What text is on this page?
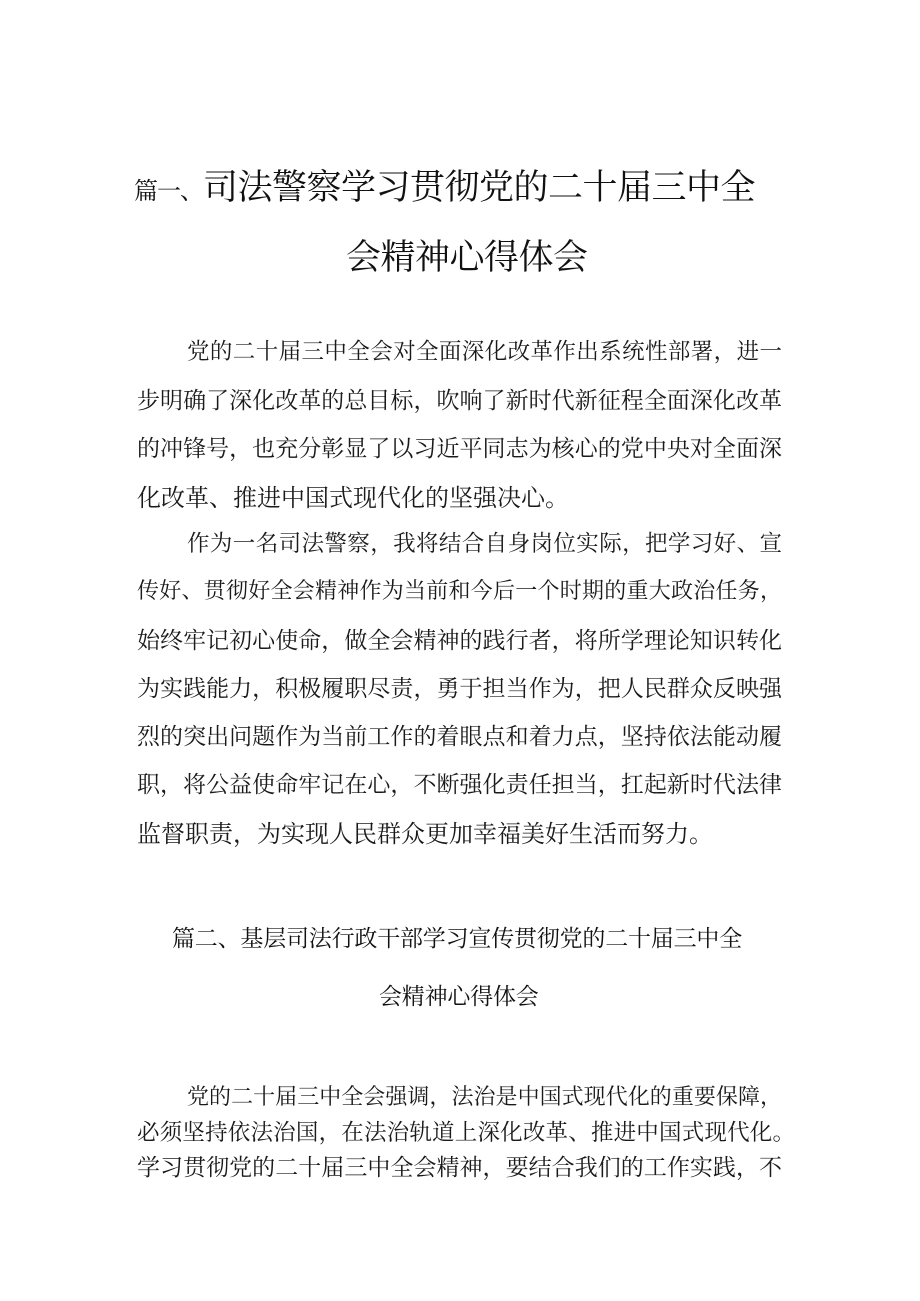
篇一、司法警察学习贯彻党的二十届三中全
会精神心得体会
党的二十届三中全会对全面深化改革作出系统性部署，进一
步明确了深化改革的总目标，吹响了新时代新征程全面深化改革
的冲锋号，也充分彰显了以习近平同志为核心的党中央对全面深
化改革、推进中国式现代化的坚强决心。
作为一名司法警察，我将结合自身岗位实际，把学习好、宣
传好、贯彻好全会精神作为当前和今后一个时期的重大政治任务，
始终牢记初心使命，做全会精神的践行者，将所学理论知识转化
为实践能力，积极履职尽责，勇于担当作为，把人民群众反映强
烈的突出问题作为当前工作的着眼点和着力点，坚持依法能动履
职，将公益使命牢记在心，不断强化责任担当，扛起新时代法律
监督职责，为实现人民群众更加幸福美好生活而努力。
篇二、基层司法行政干部学习宣传贯彻党的二十届三中全
会精神心得体会
党的二十届三中全会强调，法治是中国式现代化的重要保障，
必须坚持依法治国，在法治轨道上深化改革、推进中国式现代化。
学习贯彻党的二十届三中全会精神，要结合我们的工作实践，不
